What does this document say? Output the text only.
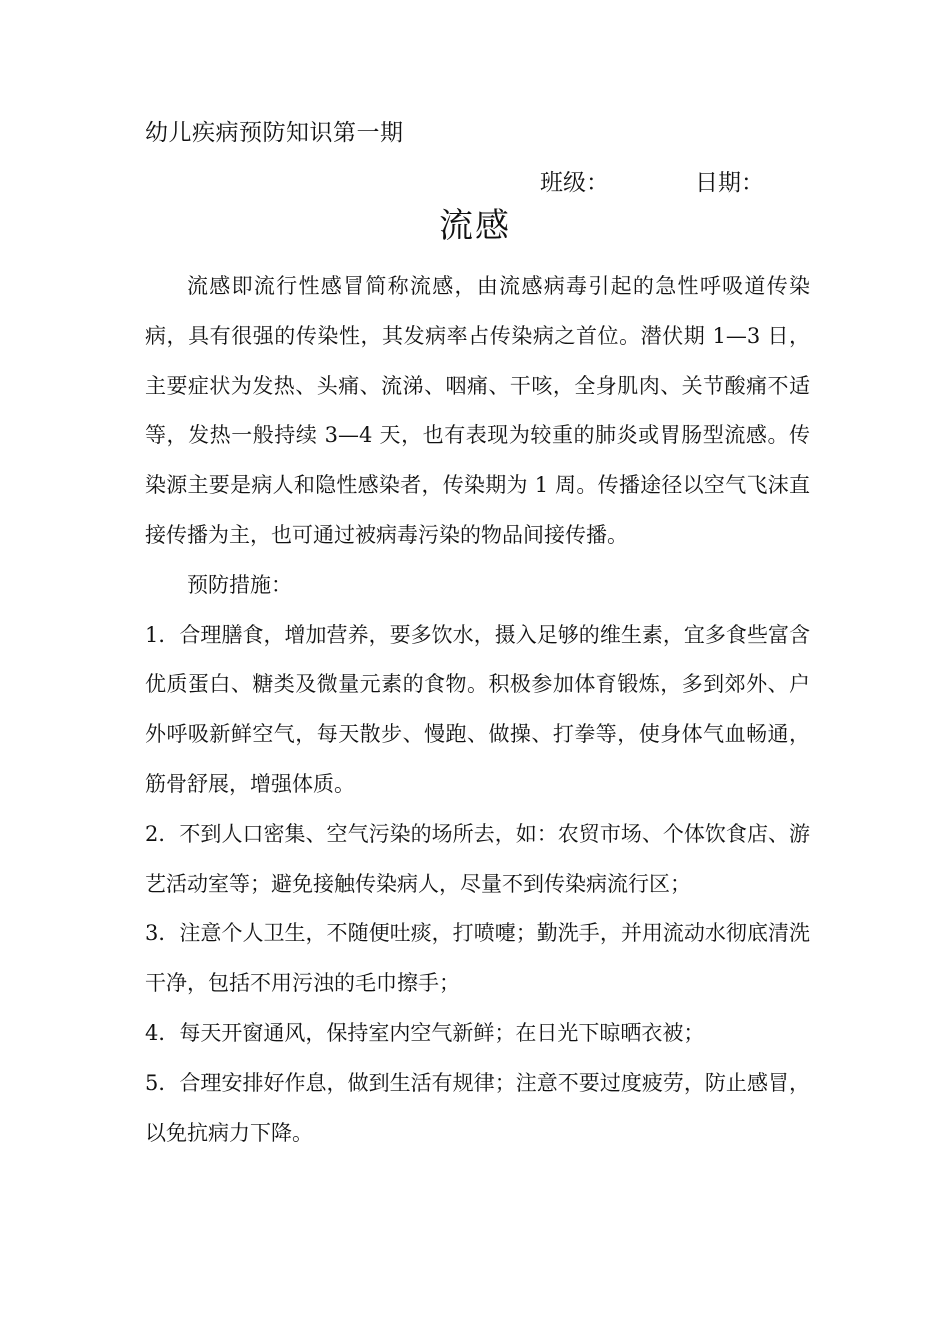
幼儿疾病预防知识第一期
班级：	日期：
流感

流感即流行性感冒简称流感，由流感病毒引起的急性呼吸道传染病，具有很强的传染性，其发病率占传染病之首位。潜伏期 1—3 日，主要症状为发热、头痛、流涕、咽痛、干咳，全身肌肉、关节酸痛不适等，发热一般持续 3—4 天，也有表现为较重的肺炎或胃肠型流感。传染源主要是病人和隐性感染者，传染期为 1 周。传播途径以空气飞沫直接传播为主，也可通过被病毒污染的物品间接传播。

预防措施：

1．合理膳食，增加营养，要多饮水，摄入足够的维生素，宜多食些富含优质蛋白、糖类及微量元素的食物。积极参加体育锻炼，多到郊外、户外呼吸新鲜空气，每天散步、慢跑、做操、打拳等，使身体气血畅通，筋骨舒展，增强体质。

2．不到人口密集、空气污染的场所去，如：农贸市场、个体饮食店、游艺活动室等；避免接触传染病人，尽量不到传染病流行区；

3．注意个人卫生，不随便吐痰，打喷嚏；勤洗手，并用流动水彻底清洗干净，包括不用污浊的毛巾擦手；

4．每天开窗通风，保持室内空气新鲜；在日光下晾晒衣被；

5．合理安排好作息，做到生活有规律；注意不要过度疲劳，防止感冒，以免抗病力下降。
